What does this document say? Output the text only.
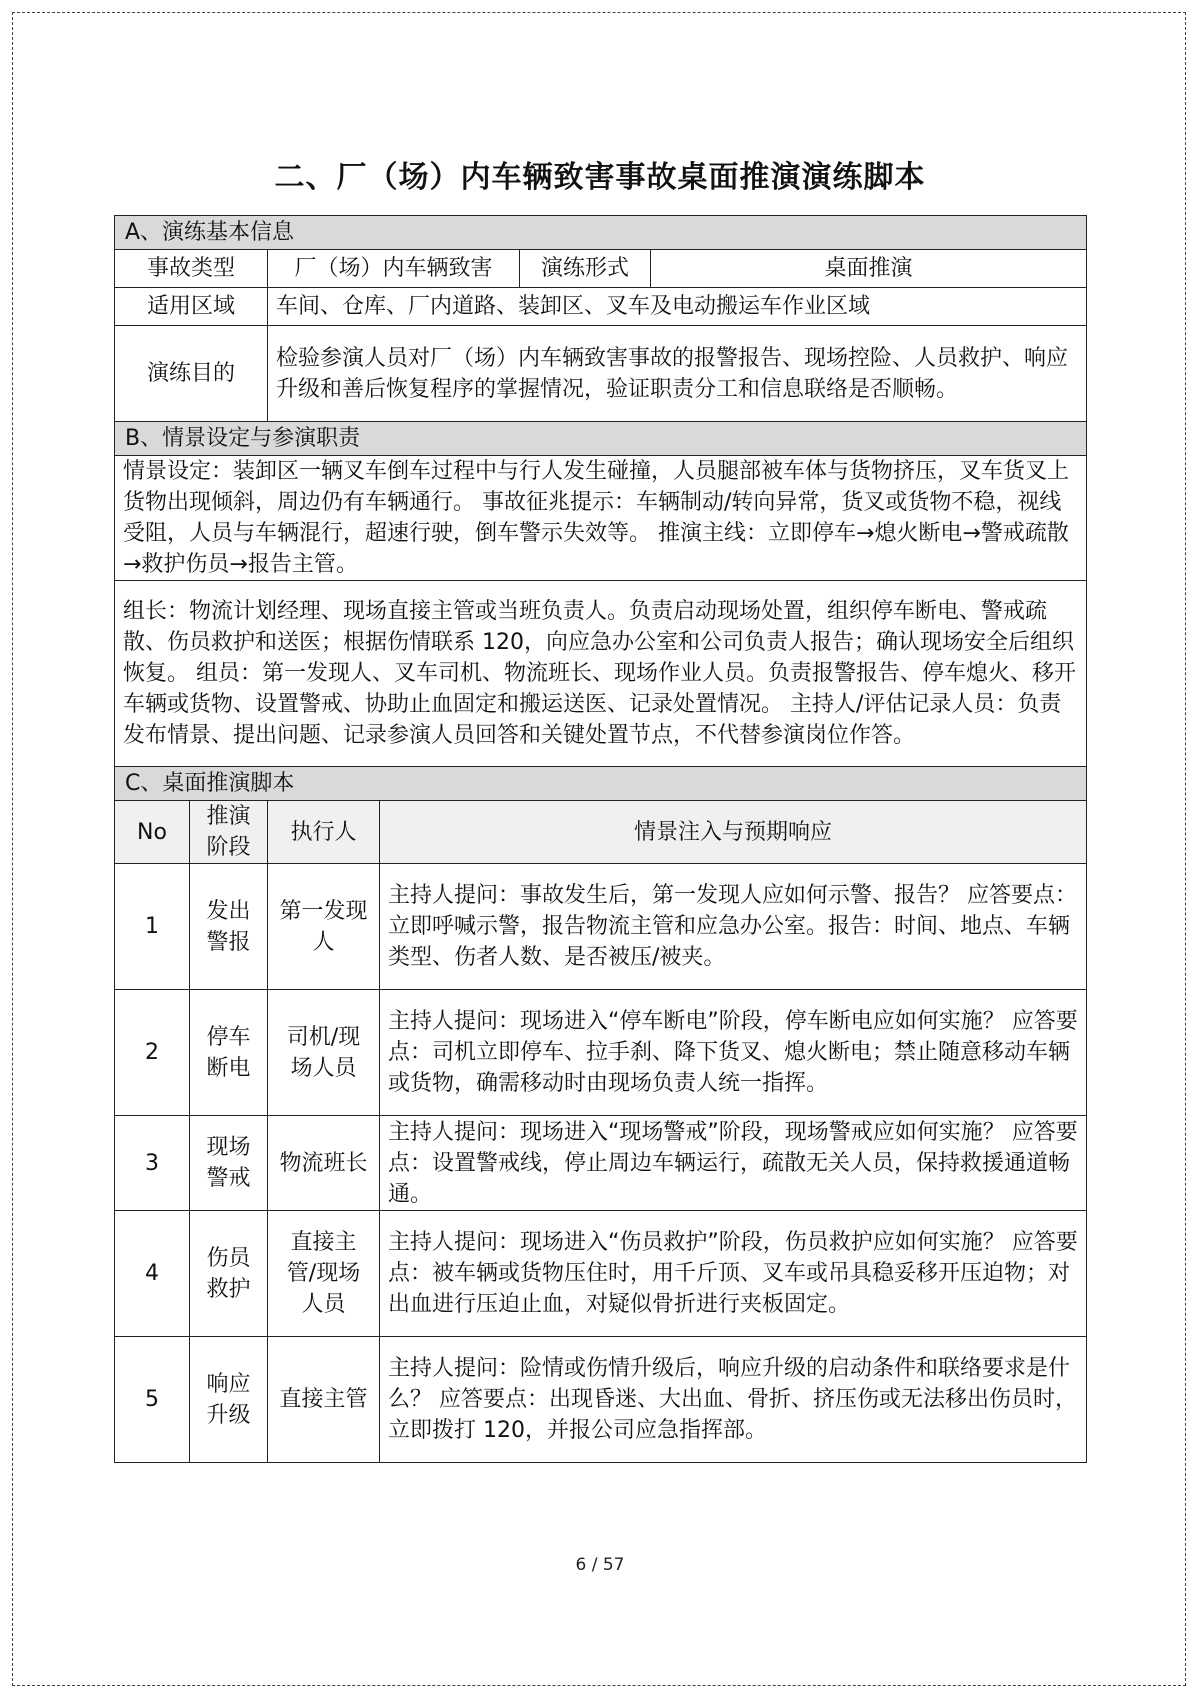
二、厂（场）内车辆致害事故桌面推演演练脚本
A、演练基本信息					
事故类型		厂（场）内车辆致害		演练形式	桌面推演
适用区域		车间、仓库、厂内道路、装卸区、叉车及电动搬运车作业区域			
演练目的		检验参演人员对厂（场）内车辆致害事故的报警报告、现场控险、人员救护、响应升级和善后恢复程序的掌握情况，验证职责分工和信息联络是否顺畅。			
B、情景设定与参演职责					
情景设定：装卸区一辆叉车倒车过程中与行人发生碰撞，人员腿部被车体与货物挤压，叉车货叉上货物出现倾斜，周边仍有车辆通行。 事故征兆提示：车辆制动/转向异常，货叉或货物不稳，视线受阻，人员与车辆混行，超速行驶，倒车警示失效等。 推演主线：立即停车→熄火断电→警戒疏散→救护伤员→报告主管。					
组长：物流计划经理、现场直接主管或当班负责人。负责启动现场处置，组织停车断电、警戒疏散、伤员救护和送医；根据伤情联系 120，向应急办公室和公司负责人报告；确认现场安全后组织恢复。 组员：第一发现人、叉车司机、物流班长、现场作业人员。负责报警报告、停车熄火、移开车辆或货物、设置警戒、协助止血固定和搬运送医、记录处置情况。 主持人/评估记录人员：负责发布情景、提出问题、记录参演人员回答和关键处置节点，不代替参演岗位作答。					
C、桌面推演脚本					
No	推演阶段	执行人	情景注入与预期响应		
1	发出警报	第一发现人	主持人提问：事故发生后，第一发现人应如何示警、报告？ 应答要点：立即呼喊示警，报告物流主管和应急办公室。报告：时间、地点、车辆类型、伤者人数、是否被压/被夹。		
2	停车断电	司机/现场人员	主持人提问：现场进入“停车断电”阶段，停车断电应如何实施？ 应答要点：司机立即停车、拉手刹、降下货叉、熄火断电；禁止随意移动车辆或货物，确需移动时由现场负责人统一指挥。		
3	现场警戒	物流班长	主持人提问：现场进入“现场警戒”阶段，现场警戒应如何实施？ 应答要点：设置警戒线，停止周边车辆运行，疏散无关人员，保持救援通道畅通。		
4	伤员救护	直接主管/现场人员	主持人提问：现场进入“伤员救护”阶段，伤员救护应如何实施？ 应答要点：被车辆或货物压住时，用千斤顶、叉车或吊具稳妥移开压迫物；对出血进行压迫止血，对疑似骨折进行夹板固定。		
5	响应升级	直接主管	主持人提问：险情或伤情升级后，响应升级的启动条件和联络要求是什么？ 应答要点：出现昏迷、大出血、骨折、挤压伤或无法移出伤员时，立即拨打 120，并报公司应急指挥部。		
6 / 57
